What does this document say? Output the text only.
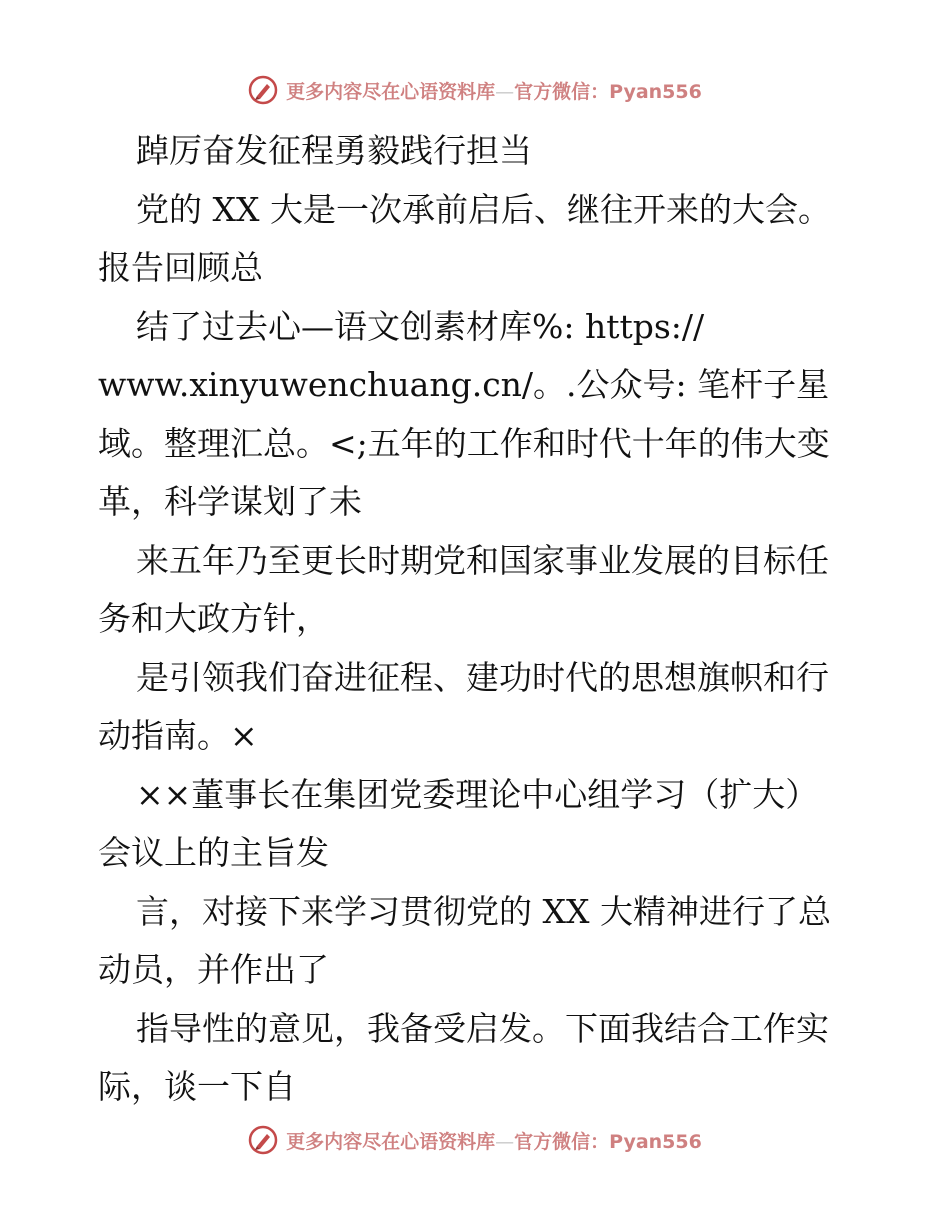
更多内容尽在心语资料库—官方微信：Pyan556
踔厉奋发征程勇毅践行担当
党的 XX 大是一次承前启后、继往开来的大会。
报告回顾总
结了过去心—语文创素材库%: https://
www.xinyuwenchuang.cn/。.公众号: 笔杆子星
域。整理汇总。<;五年的工作和时代十年的伟大变
革，科学谋划了未
来五年乃至更长时期党和国家事业发展的目标任
务和大政方针，
是引领我们奋进征程、建功时代的思想旗帜和行
动指南。×
××董事长在集团党委理论中心组学习（扩大）
会议上的主旨发
言，对接下来学习贯彻党的 XX 大精神进行了总
动员，并作出了
指导性的意见，我备受启发。下面我结合工作实
际，谈一下自
更多内容尽在心语资料库—官方微信：Pyan556
